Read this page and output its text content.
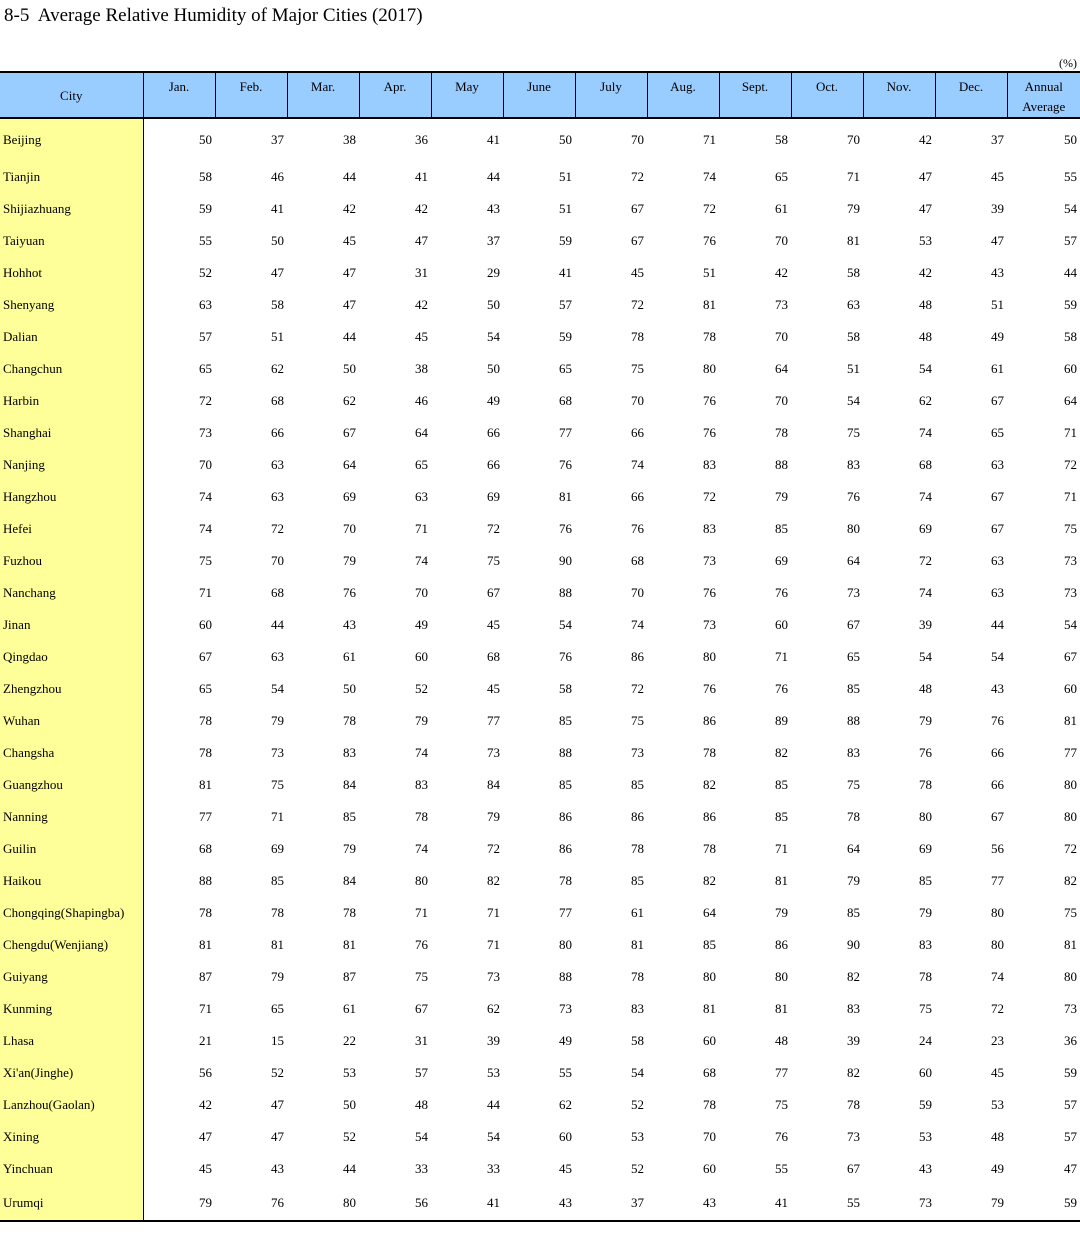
8-5  Average Relative Humidity of Major Cities (2017)
(%)
City	Jan.	Feb.	Mar.	Apr.	May	June	July	Aug.	Sept.	Oct.	Nov.	Dec.	Annual
Average

Beijing	50	37	38	36	41	50	70	71	58	70	42	37	50
Tianjin	58	46	44	41	44	51	72	74	65	71	47	45	55
Shijiazhuang	59	41	42	42	43	51	67	72	61	79	47	39	54
Taiyuan	55	50	45	47	37	59	67	76	70	81	53	47	57
Hohhot	52	47	47	31	29	41	45	51	42	58	42	43	44
Shenyang	63	58	47	42	50	57	72	81	73	63	48	51	59
Dalian	57	51	44	45	54	59	78	78	70	58	48	49	58
Changchun	65	62	50	38	50	65	75	80	64	51	54	61	60
Harbin	72	68	62	46	49	68	70	76	70	54	62	67	64
Shanghai	73	66	67	64	66	77	66	76	78	75	74	65	71
Nanjing	70	63	64	65	66	76	74	83	88	83	68	63	72
Hangzhou	74	63	69	63	69	81	66	72	79	76	74	67	71
Hefei	74	72	70	71	72	76	76	83	85	80	69	67	75
Fuzhou	75	70	79	74	75	90	68	73	69	64	72	63	73
Nanchang	71	68	76	70	67	88	70	76	76	73	74	63	73
Jinan	60	44	43	49	45	54	74	73	60	67	39	44	54
Qingdao	67	63	61	60	68	76	86	80	71	65	54	54	67
Zhengzhou	65	54	50	52	45	58	72	76	76	85	48	43	60
Wuhan	78	79	78	79	77	85	75	86	89	88	79	76	81
Changsha	78	73	83	74	73	88	73	78	82	83	76	66	77
Guangzhou	81	75	84	83	84	85	85	82	85	75	78	66	80
Nanning	77	71	85	78	79	86	86	86	85	78	80	67	80
Guilin	68	69	79	74	72	86	78	78	71	64	69	56	72
Haikou	88	85	84	80	82	78	85	82	81	79	85	77	82
Chongqing(Shapingba)	78	78	78	71	71	77	61	64	79	85	79	80	75
Chengdu(Wenjiang)	81	81	81	76	71	80	81	85	86	90	83	80	81
Guiyang	87	79	87	75	73	88	78	80	80	82	78	74	80
Kunming	71	65	61	67	62	73	83	81	81	83	75	72	73
Lhasa	21	15	22	31	39	49	58	60	48	39	24	23	36
Xi'an(Jinghe)	56	52	53	57	53	55	54	68	77	82	60	45	59
Lanzhou(Gaolan)	42	47	50	48	44	62	52	78	75	78	59	53	57
Xining	47	47	52	54	54	60	53	70	76	73	53	48	57
Yinchuan	45	43	44	33	33	45	52	60	55	67	43	49	47
Urumqi	79	76	80	56	41	43	37	43	41	55	73	79	59
